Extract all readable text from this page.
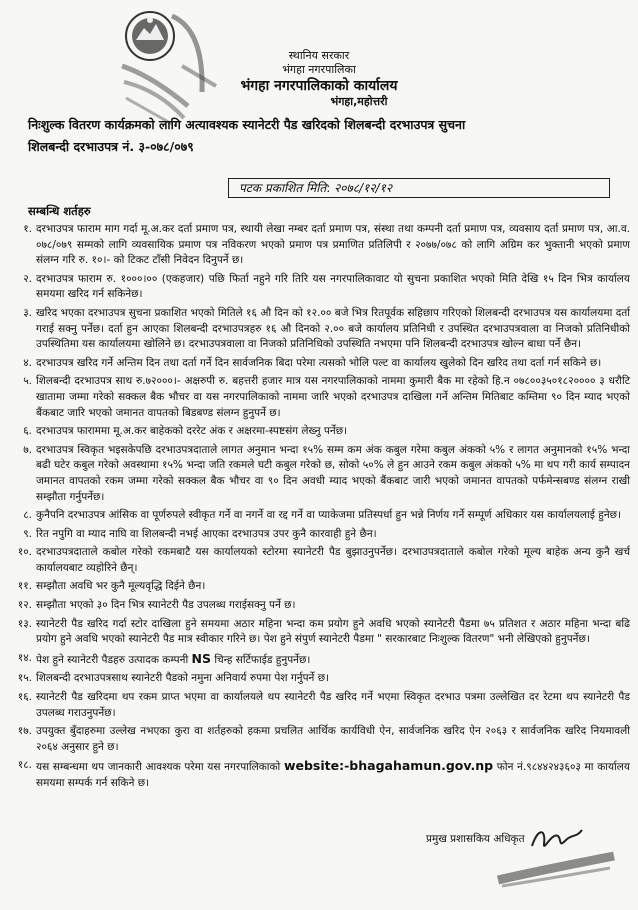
स्थानिय सरकार
भंगहा नगरपालिका
भंगहा नगरपालिकाको कार्यालय
भंगहा,महोत्तरी
निःशुल्क वितरण कार्यक्रमको लागि अत्यावश्यक स्यानेटरी पैड खरिदको शिलबन्दी दरभाउपत्र सुचना
शिलबन्दी दरभाउपत्र नं. ३-०७८/०७९
पटक प्रकाशित मिति: २०७८/१२/१२
सम्बन्धि शर्तहरु
१. दरभाउपत्र फाराम माग गर्दा मू.अ.कर दर्ता प्रमाण पत्र, स्थायी लेखा नम्बर दर्ता प्रमाण पत्र, संस्था तथा कम्पनी दर्ता प्रमाण पत्र, व्यवसाय दर्ता प्रमाण पत्र, आ.व. ०७८/०७९ सम्मको लागि व्यवसायिक प्रमाण पत्र नविकरण भएको प्रमाण पत्र प्रमाणित प्रतिलिपी र २०७७/०७८ को लागि अग्रिम कर भुक्तानी भएको प्रमाण संलग्न गरि रु. १०।- को टिकट टाँसी निवेदन दिनुपर्ने छ।
२. दरभाउपत्र फाराम रु. १०००।०० (एकहजार) पछि फिर्ता नहुने गरि तिरि यस नगरपालिकावाट यो सुचना प्रकाशित भएको मिति देखि १५ दिन भित्र कार्यालय समयमा खरिद गर्न सकिनेछ।
३. खरिद भएका दरभाउपत्र सुचना प्रकाशित भएको मितिले १६ औ दिन को १२.०० बजे भित्र रितपूर्वक सहिछाप गरिएको शिलबन्दी दरभाउपत्र यस कार्यालयमा दर्ता गराई सक्नु पर्नेछ। दर्ता हुन आएका शिलबन्दी दरभाउपत्रहरु १६ औ दिनको २.०० बजे कार्यालय प्रतिनिधी र उपस्थित दरभाउपत्रवाला वा निजको प्रतिनिधीको उपस्थितिमा यस कार्यालयमा खोलिने छ। दरभाउपत्रवाला वा निजको प्रतिनिधिको उपस्थिति नभएमा पनि शिलबन्दी दरभाउपत्र खोल्न बाधा पर्ने छैन।
४. दरभाउपत्र खरिद गर्ने अन्तिम दिन तथा दर्ता गर्ने दिन सार्वजनिक बिदा परेमा त्यसको भोलि पल्ट वा कार्यालय खुलेको दिन खरिद तथा दर्ता गर्न सकिने छ।
५. शिलबन्दी दरभाउपत्र साथ रु.७२०००।- अक्षरुपी रु. बहत्तरी हजार मात्र यस नगरपालिकाको नाममा कुमारी बैक मा रहेको हि.न ०७८००३५०१८२०००० ३ धरौटि खातामा जम्मा गरेको सक्कल बैक भौचर वा यस नगरपालिकाको नाममा जारि भएको दरभाउपत्र दाखिला गर्ने अन्तिम मितिबाट कम्तिमा ९० दिन म्याद भएको बैंकबाट जारि भएको जमानत वापतको बिडबण्ड संलग्न हुनुपर्ने छ।
६. दरभाउपत्र फाराममा मू.अ.कर बाहेकको दररेट अंक र अक्षरमा-स्पष्टसंग लेख्नु पर्नेछ।
७. दरभाउपत्र स्विकृत भइसकेपछि दरभाउपत्रदाताले लागत अनुमान भन्दा १५% सम्म कम अंक कबुल गरेमा कबुल अंकको ५% र लागत अनुमानको १५% भन्दा बढी घटेर कबुल गरेको अवस्थामा १५% भन्दा जति रकमले घटी कबुल गरेको छ, सोको ५०% ले हुन आउने रकम कबुल अंकको ५% मा थप गरी कार्य सम्पादन जमानत वापतको रकम जम्मा गरेको सक्कल बैक भौचर वा ९० दिन अवधी म्याद भएको बैंकबाट जारी भएको जमानत वापतको पर्फमेन्सबण्ड संलग्न राखी सम्झौता गर्नुपर्नेछ।
८. कुनैपनि दरभाउपत्र आंसिक वा पूर्णरुपले स्वीकृत गर्ने वा नगर्ने वा रद्द गर्ने वा प्याकेजमा प्रतिस्पर्धा हुन भन्ने निर्णय गर्ने सम्पूर्ण अधिकार यस कार्यालयलाई हुनेछ।
९. रित नपुगि वा म्याद नाघि वा शिलबन्दी नभई आएका दरभाउपत्र उपर कुनै कारवाही हुने छैन।
१०. दरभाउपत्रदाताले कबोल गरेको रकमबाटै यस कार्यालयको स्टोरमा स्यानेटरी पैड बुझाउनुपर्नेछ। दरभाउपत्रदाताले कबोल गरेको मूल्य बाहेक अन्य कुनै खर्च कार्यालयबाट व्यहोरिने छैन्।
११. सम्झौता अवधि भर कुनै मूल्यवृद्धि दिईने छैन।
१२. सम्झौता भएको ३० दिन भित्र स्यानेटरी पैड उपलब्ध गराईसक्नु पर्ने छ।
१३. स्यानेटरी पैड खरिद गर्दा स्टोर दाखिला हुने समयमा अठार महिना भन्दा कम प्रयोग हुने अवधि भएको स्यानेटरी पैडमा ७५ प्रतिशत र अठार महिना भन्दा बढि प्रयोग हुने अवधि भएको स्यानेटरी पैड मात्र स्वीकार गरिने छ। पेश हुने संपुर्ण स्यानेटरी पैडमा " सरकारबाट निःशुल्क वितरण" भनी लेखिएको हुनुपर्नेछ।
१४. पेश हुने स्यानेटरी पैडहरु उत्पादक कम्पनी NS चिन्ह सर्टिफाईड हुनुपर्नेछ।
१५. शिलबन्दी दरभाउपत्रसाथ स्यानेटरी पैडको नमुना अनिवार्य रुपमा पेश गर्नुपर्ने छ।
१६. स्यानेटरी पैड खरिदमा थप रकम प्राप्त भएमा वा कार्यालयले थप स्यानेटरी पैड खरिद गर्ने भएमा स्विकृत दरभाउ पत्रमा उल्लेखित दर रेटमा थप स्यानेटरी पैड उपलब्ध गराउनुपर्नेछ।
१७. उपयुक्त बुँदाहरुमा उल्लेख नभएका कुरा वा शर्तहरुको हकमा प्रचलित आर्थिक कार्यविधी ऐन, सार्वजनिक खरिद ऐन २०६३ र सार्वजनिक खरिद नियमावली २०६४ अनुसार हुने छ।
१८. यस सम्बन्धमा थप जानकारी आवश्यक परेमा यस नगरपालिकाको website:-bhagahamun.gov.np फोन नं.९८४४२४३६०३ मा कार्यालय समयमा सम्पर्क गर्न सकिने छ।
प्रमुख प्रशासकिय अधिकृत
